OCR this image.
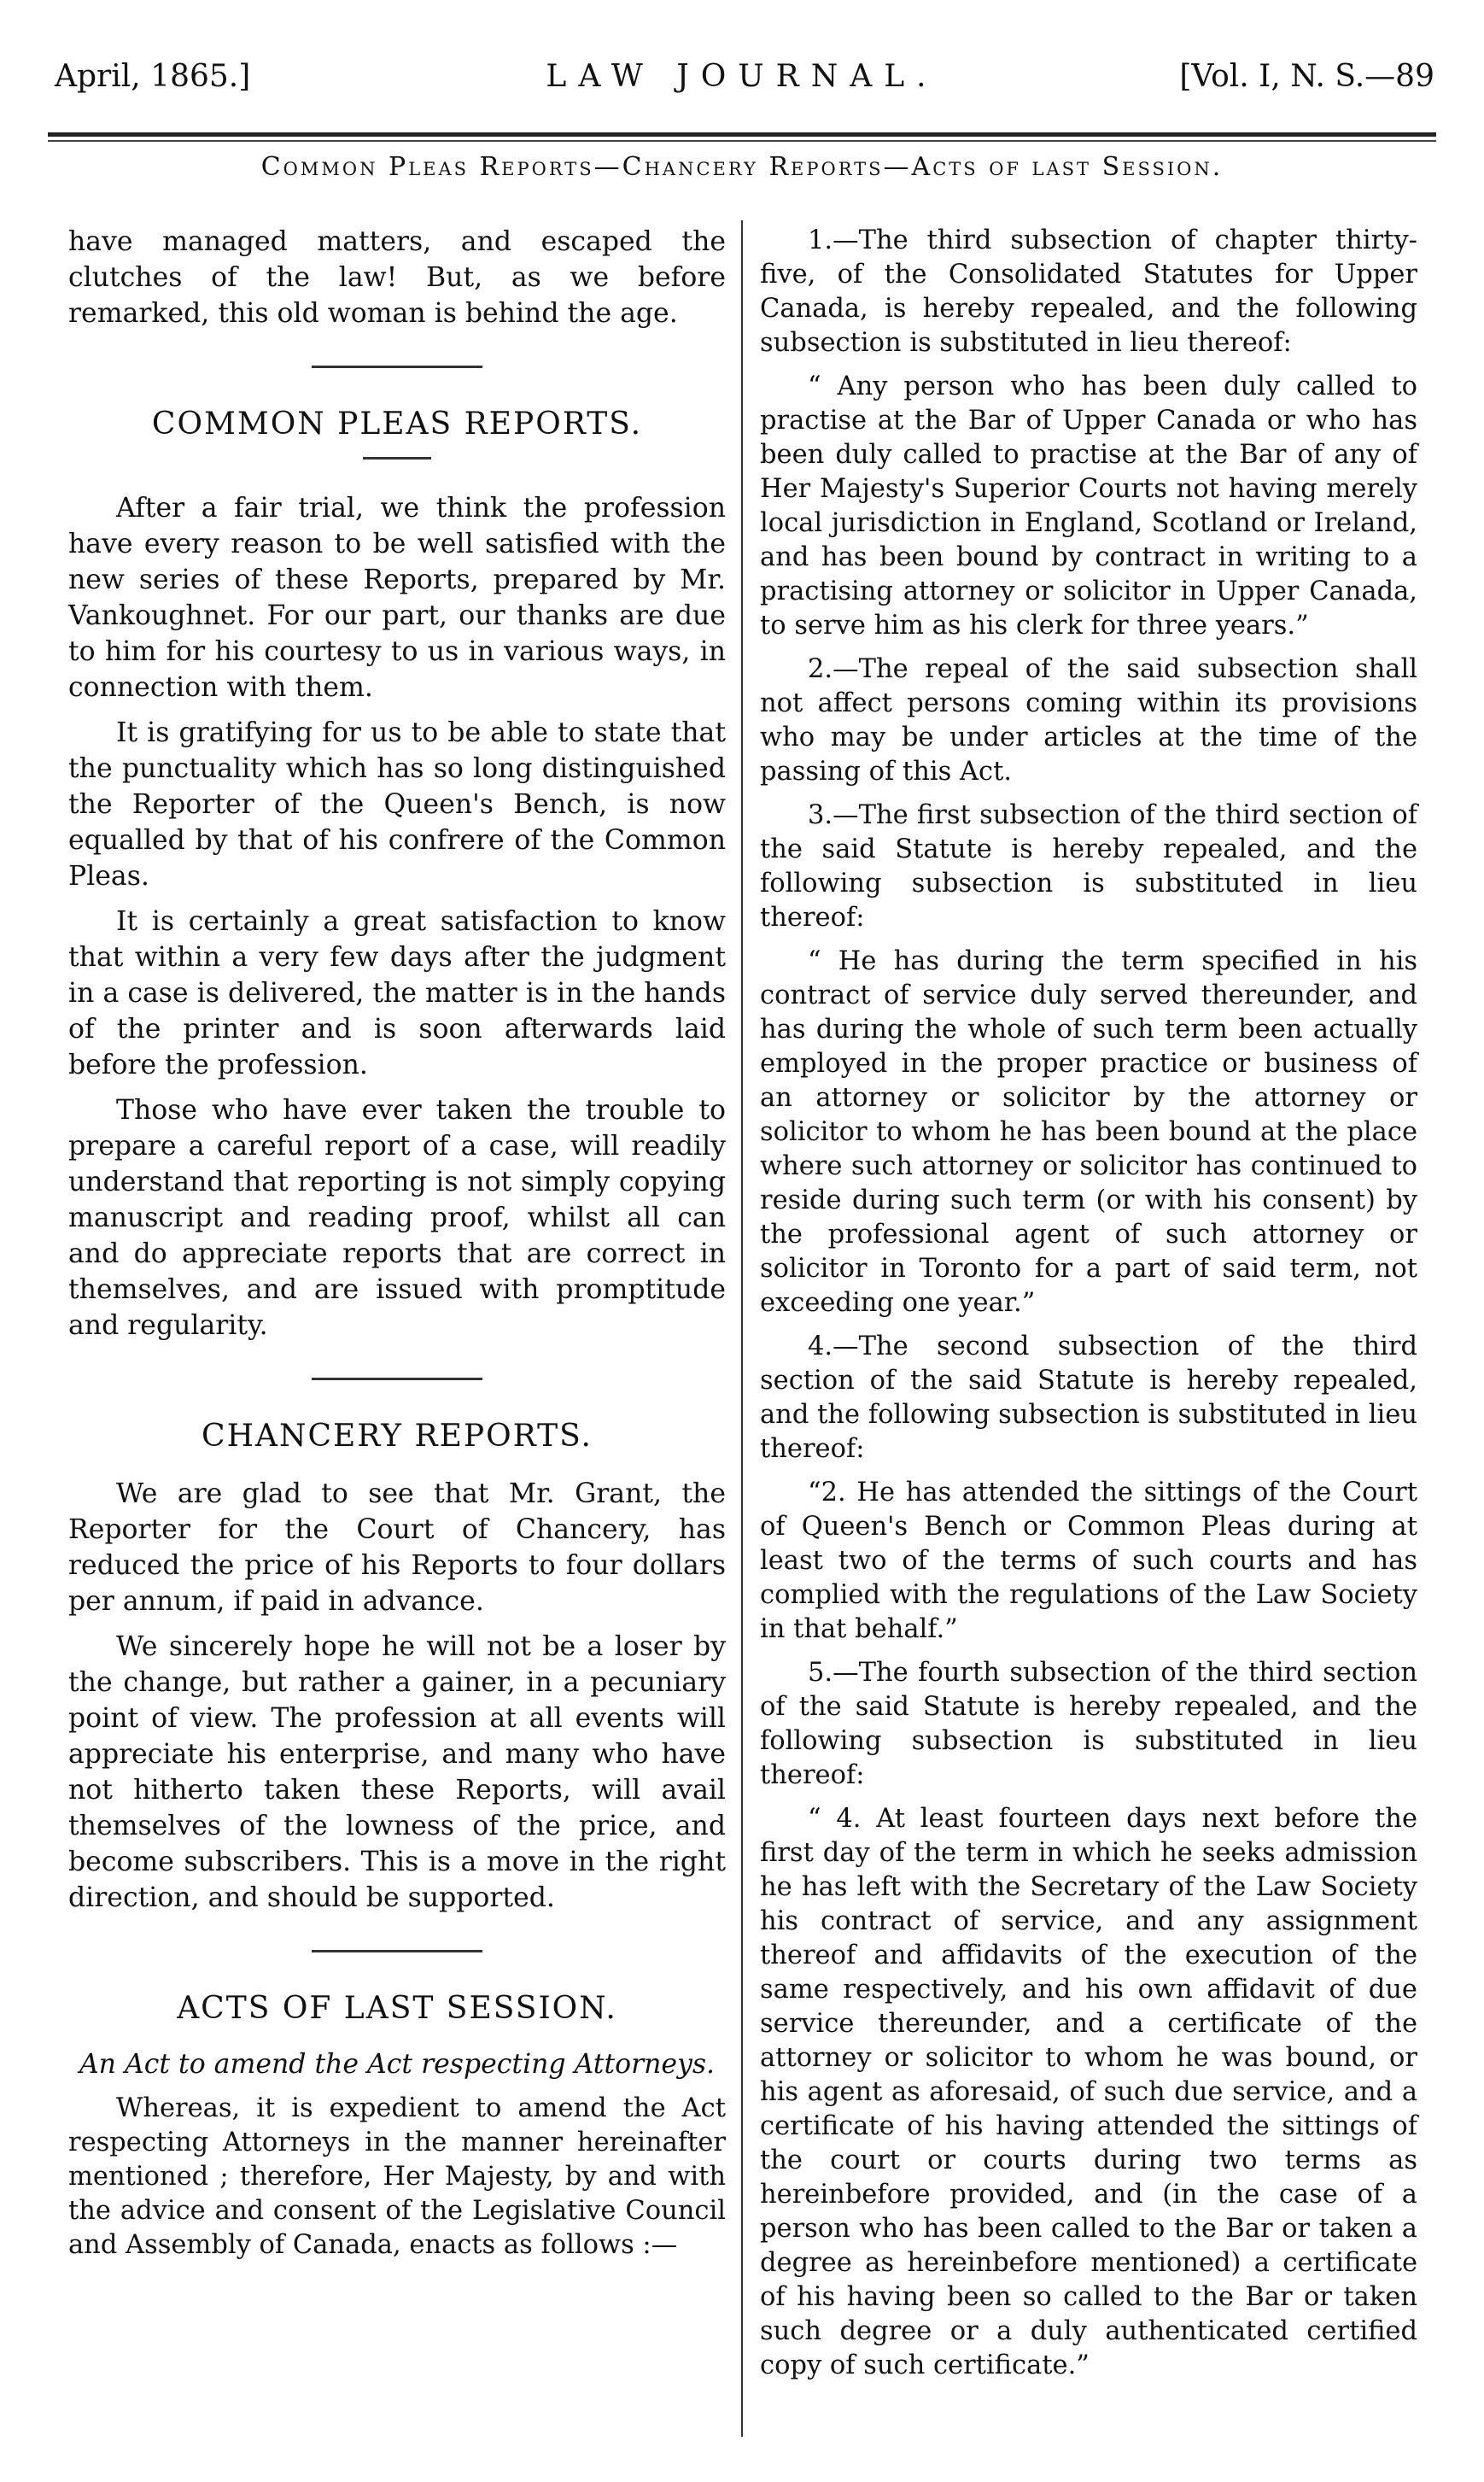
April, 1865.]	LAW JOURNAL.	[Vol. I, N. S.—89
Common Pleas Reports—Chancery Reports—Acts of last Session.

have managed matters, and escaped the clutches of the law! But, as we before remarked, this old woman is behind the age.

COMMON PLEAS REPORTS.

After a fair trial, we think the profession have every reason to be well satisfied with the new series of these Reports, prepared by Mr. Vankoughnet. For our part, our thanks are due to him for his courtesy to us in various ways, in connection with them.

It is gratifying for us to be able to state that the punctuality which has so long distinguished the Reporter of the Queen's Bench, is now equalled by that of his confrere of the Common Pleas.

It is certainly a great satisfaction to know that within a very few days after the judgment in a case is delivered, the matter is in the hands of the printer and is soon afterwards laid before the profession.

Those who have ever taken the trouble to prepare a careful report of a case, will readily understand that reporting is not simply copying manuscript and reading proof, whilst all can and do appreciate reports that are correct in themselves, and are issued with promptitude and regularity.

CHANCERY REPORTS.

We are glad to see that Mr. Grant, the Reporter for the Court of Chancery, has reduced the price of his Reports to four dollars per annum, if paid in advance.

We sincerely hope he will not be a loser by the change, but rather a gainer, in a pecuniary point of view. The profession at all events will appreciate his enterprise, and many who have not hitherto taken these Reports, will avail themselves of the lowness of the price, and become subscribers. This is a move in the right direction, and should be supported.

ACTS OF LAST SESSION.

An Act to amend the Act respecting Attorneys.

Whereas, it is expedient to amend the Act respecting Attorneys in the manner hereinafter mentioned ; therefore, Her Majesty, by and with the advice and consent of the Legislative Council and Assembly of Canada, enacts as follows :—

1.—The third subsection of chapter thirty-five, of the Consolidated Statutes for Upper Canada, is hereby repealed, and the following subsection is substituted in lieu thereof:

“ Any person who has been duly called to practise at the Bar of Upper Canada or who has been duly called to practise at the Bar of any of Her Majesty's Superior Courts not having merely local jurisdiction in England, Scotland or Ireland, and has been bound by contract in writing to a practising attorney or solicitor in Upper Canada, to serve him as his clerk for three years.”

2.—The repeal of the said subsection shall not affect persons coming within its provisions who may be under articles at the time of the passing of this Act.

3.—The first subsection of the third section of the said Statute is hereby repealed, and the following subsection is substituted in lieu thereof:

“ He has during the term specified in his contract of service duly served thereunder, and has during the whole of such term been actually employed in the proper practice or business of an attorney or solicitor by the attorney or solicitor to whom he has been bound at the place where such attorney or solicitor has continued to reside during such term (or with his consent) by the professional agent of such attorney or solicitor in Toronto for a part of said term, not exceeding one year.”

4.—The second subsection of the third section of the said Statute is hereby repealed, and the following subsection is substituted in lieu thereof:

“2. He has attended the sittings of the Court of Queen's Bench or Common Pleas during at least two of the terms of such courts and has complied with the regulations of the Law Society in that behalf.”

5.—The fourth subsection of the third section of the said Statute is hereby repealed, and the following subsection is substituted in lieu thereof:

“ 4. At least fourteen days next before the first day of the term in which he seeks admission he has left with the Secretary of the Law Society his contract of service, and any assignment thereof and affidavits of the execution of the same respectively, and his own affidavit of due service thereunder, and a certificate of the attorney or solicitor to whom he was bound, or his agent as aforesaid, of such due service, and a certificate of his having attended the sittings of the court or courts during two terms as hereinbefore provided, and (in the case of a person who has been called to the Bar or taken a degree as hereinbefore mentioned) a certificate of his having been so called to the Bar or taken such degree or a duly authenticated certified copy of such certificate.”
